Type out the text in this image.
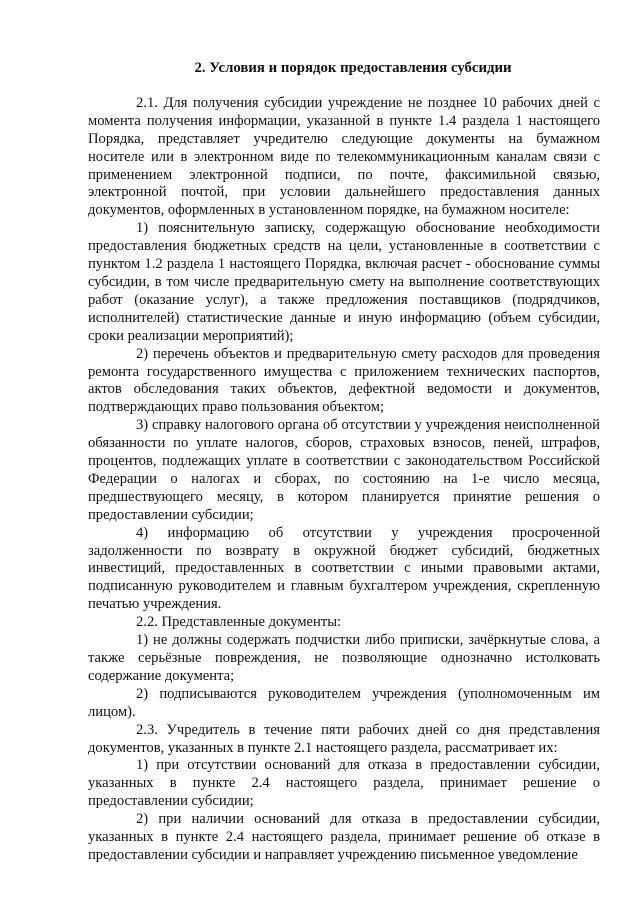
2. Условия и порядок предоставления субсидии

2.1. Для получения субсидии учреждение не позднее 10 рабочих дней с момента получения информации, указанной в пункте 1.4 раздела 1 настоящего Порядка, представляет учредителю следующие документы на бумажном носителе или в электронном виде по телекоммуникационным каналам связи с применением электронной подписи, по почте, факсимильной связью, электронной почтой, при условии дальнейшего предоставления данных документов, оформленных в установленном порядке, на бумажном носителе:

1) пояснительную записку, содержащую обоснование необходимости предоставления бюджетных средств на цели, установленные в соответствии с пунктом 1.2 раздела 1 настоящего Порядка, включая расчет - обоснование суммы субсидии, в том числе предварительную смету на выполнение соответствующих работ (оказание услуг), а также предложения поставщиков (подрядчиков, исполнителей) статистические данные и иную информацию (объем субсидии, сроки реализации мероприятий);

2) перечень объектов и предварительную смету расходов для проведения ремонта государственного имущества с приложением технических паспортов, актов обследования таких объектов, дефектной ведомости и документов, подтверждающих право пользования объектом;

3) справку налогового органа об отсутствии у учреждения неисполненной обязанности по уплате налогов, сборов, страховых взносов, пеней, штрафов, процентов, подлежащих уплате в соответствии с законодательством Российской Федерации о налогах и сборах, по состоянию на 1-е число месяца, предшествующего месяцу, в котором планируется принятие решения о предоставлении субсидии;

4) информацию об отсутствии у учреждения просроченной задолженности по возврату в окружной бюджет субсидий, бюджетных инвестиций, предоставленных в соответствии с иными правовыми актами, подписанную руководителем и главным бухгалтером учреждения, скрепленную печатью учреждения.

2.2. Представленные документы:

1) не должны содержать подчистки либо приписки, зачёркнутые слова, а также серьёзные повреждения, не позволяющие однозначно истолковать содержание документа;

2) подписываются руководителем учреждения (уполномоченным им лицом).

2.3. Учредитель в течение пяти рабочих дней со дня представления документов, указанных в пункте 2.1 настоящего раздела, рассматривает их:

1) при отсутствии оснований для отказа в предоставлении субсидии, указанных в пункте 2.4 настоящего раздела, принимает решение о предоставлении субсидии;

2) при наличии оснований для отказа в предоставлении субсидии, указанных в пункте 2.4 настоящего раздела, принимает решение об отказе в предоставлении субсидии и направляет учреждению письменное уведомление
